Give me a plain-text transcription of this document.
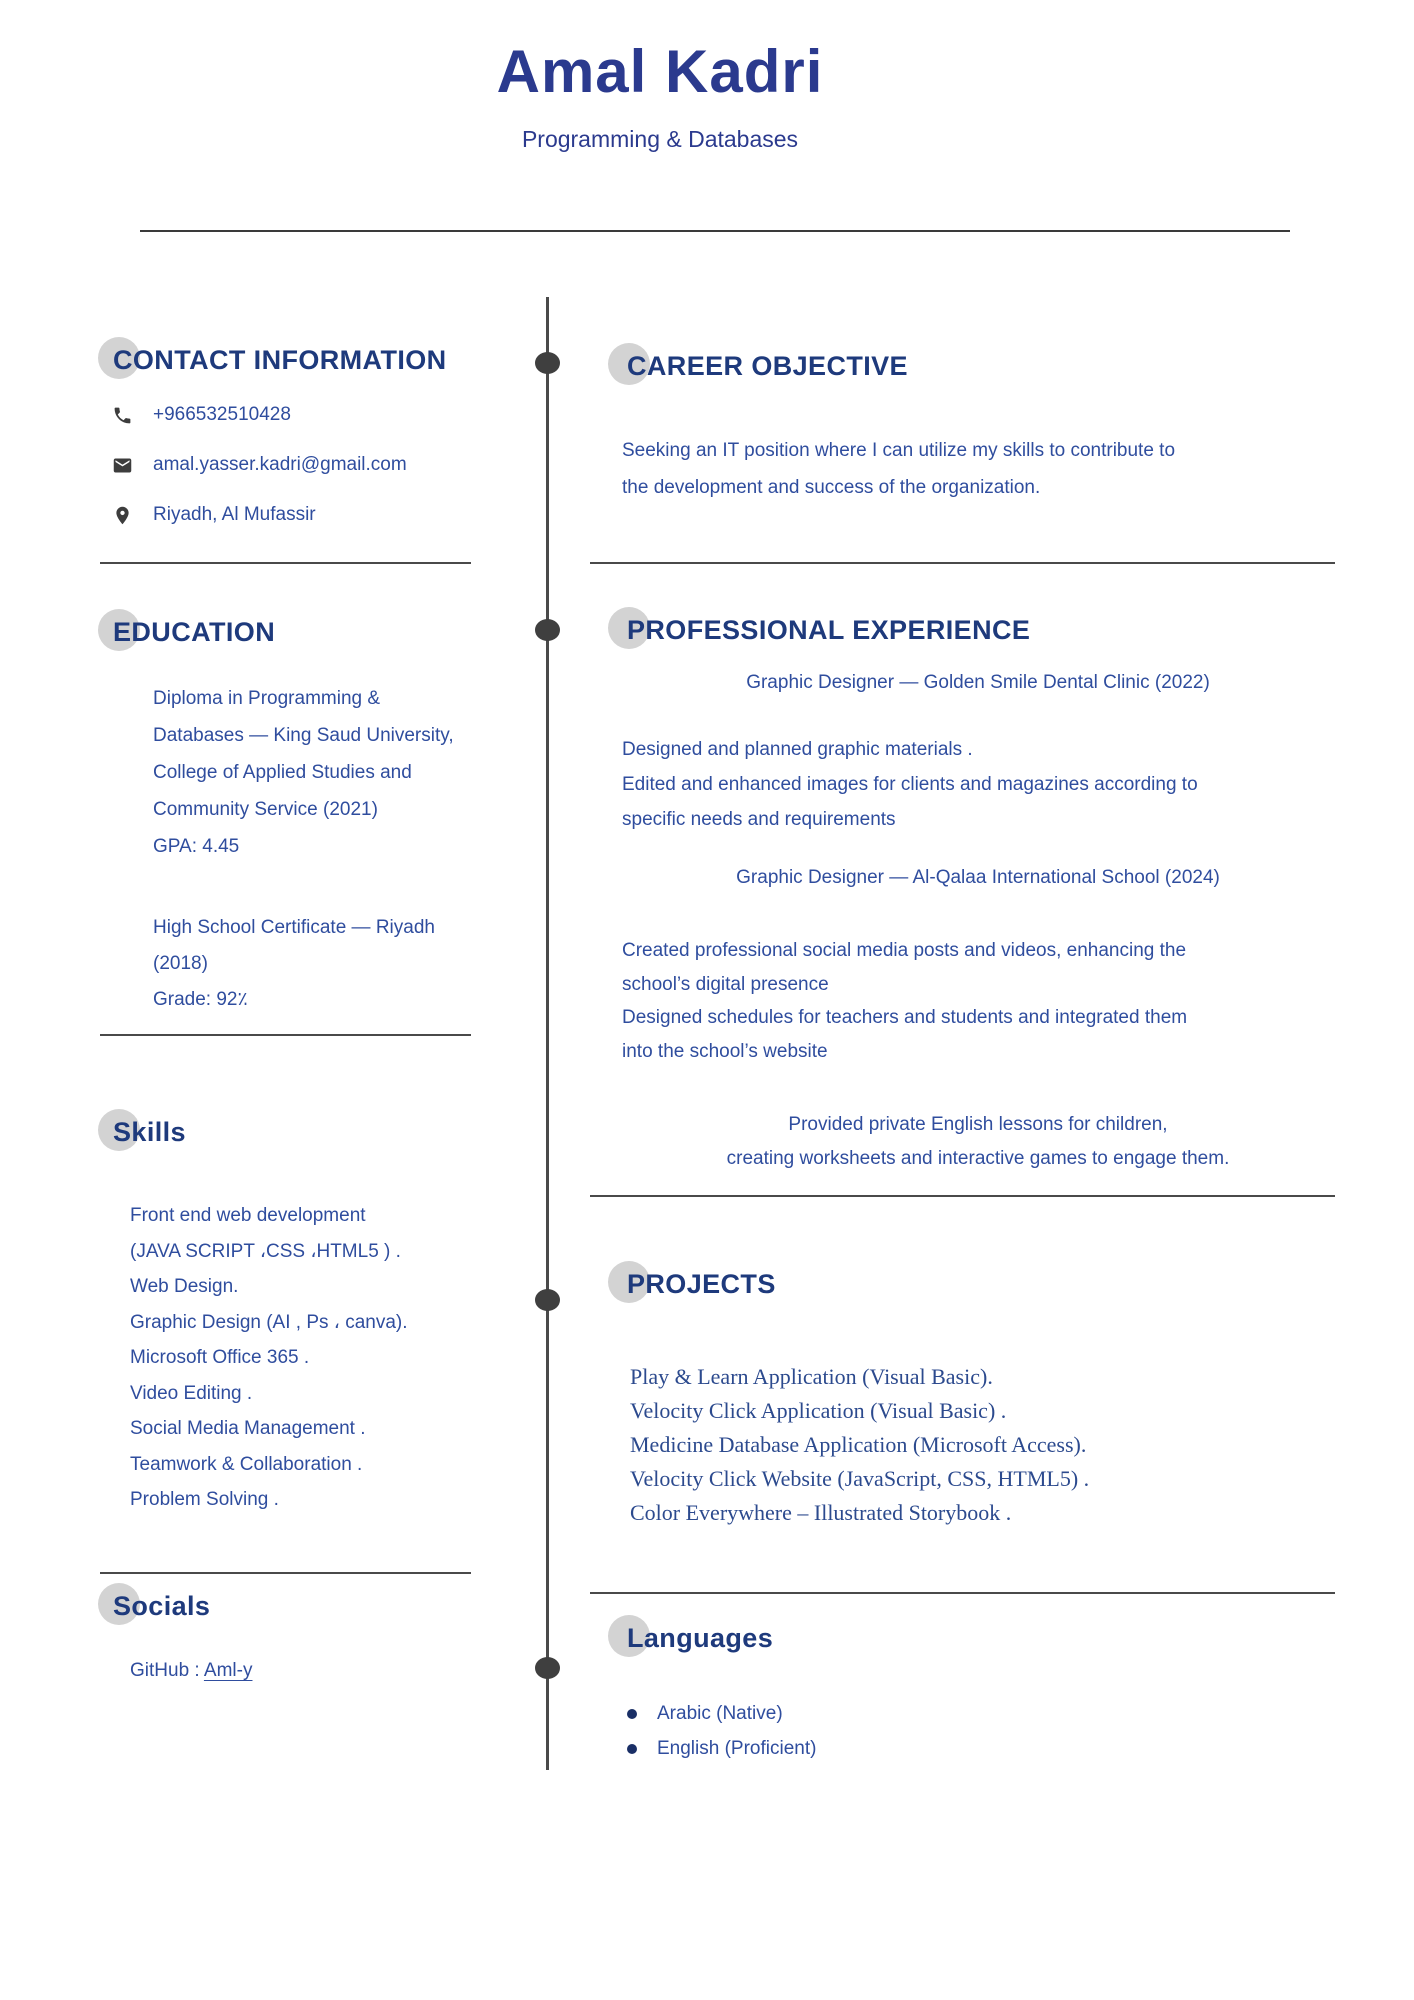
Amal Kadri
Programming & Databases
CONTACT INFORMATION
+966532510428
amal.yasser.kadri@gmail.com
Riyadh, Al Mufassir
EDUCATION
Diploma in Programming &
Databases — King Saud University,
College of Applied Studies and
Community Service (2021)
GPA: 4.45
High School Certificate — Riyadh
(2018)
Grade: 92٪
Skills
Front end web development
(JAVA SCRIPT ،CSS ،HTML5 ) .
Web Design.
Graphic Design (AI , Ps ، canva).
Microsoft Office 365 .
Video Editing .
Social Media Management .
Teamwork & Collaboration .
Problem Solving .
Socials
GitHub : Aml-y
CAREER OBJECTIVE
Seeking an IT position where I can utilize my skills to contribute to
the development and success of the organization.
PROFESSIONAL EXPERIENCE
Graphic Designer — Golden Smile Dental Clinic (2022)
Designed and planned graphic materials .
Edited and enhanced images for clients and magazines according to
specific needs and requirements
Graphic Designer — Al-Qalaa International School (2024)
Created professional social media posts and videos, enhancing the
school’s digital presence
Designed schedules for teachers and students and integrated them
into the school’s website
Provided private English lessons for children,
creating worksheets and interactive games to engage them.
PROJECTS
Play & Learn Application (Visual Basic).
Velocity Click Application (Visual Basic) .
Medicine Database Application (Microsoft Access).
Velocity Click Website (JavaScript, CSS, HTML5) .
Color Everywhere – Illustrated Storybook .
Languages
Arabic (Native)
English (Proficient)
